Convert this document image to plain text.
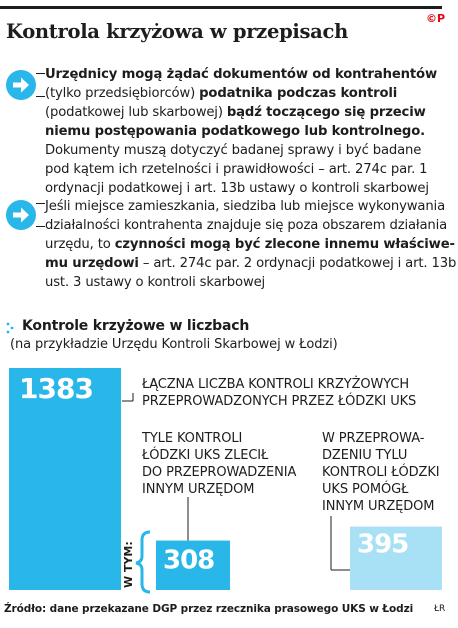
Kontrola krzyżowa w przepisach
©P
Urzędnicy mogą żądać dokumentów od kontrahentów
(tylko przedsiębiorców) podatnika podczas kontroli
(podatkowej lub skarbowej) bądź toczącego się przeciw
niemu postępowania podatkowego lub kontrolnego.
Dokumenty muszą dotyczyć badanej sprawy i być badane
pod kątem ich rzetelności i prawidłowości – art. 274c par. 1
ordynacji podatkowej i art. 13b ustawy o kontroli skarbowej
Jeśli miejsce zamieszkania, siedziba lub miejsce wykonywania
działalności kontrahenta znajduje się poza obszarem działania
urzędu, to czynności mogą być zlecone innemu właściwe-
mu urzędowi – art. 274c par. 2 ordynacji podatkowej i art. 13b
ust. 3 ustawy o kontroli skarbowej
Kontrole krzyżowe w liczbach
(na przykładzie Urzędu Kontroli Skarbowej w Łodzi)
1383
308
395
W TYM:
ŁĄCZNA LICZBA KONTROLI KRZYŻOWYCH
PRZEPROWADZONYCH PRZEZ ŁÓDZKI UKS
TYLE KONTROLI
ŁÓDZKI UKS ZLECIŁ
DO PRZEPROWADZENIA
INNYM URZĘDOM
W PRZEPROWA-
DZENIU TYLU
KONTROLI ŁÓDZKI
UKS POMÓGŁ
INNYM URZĘDOM
Źródło: dane przekazane DGP przez rzecznika prasowego UKS w Łodzi ŁR
